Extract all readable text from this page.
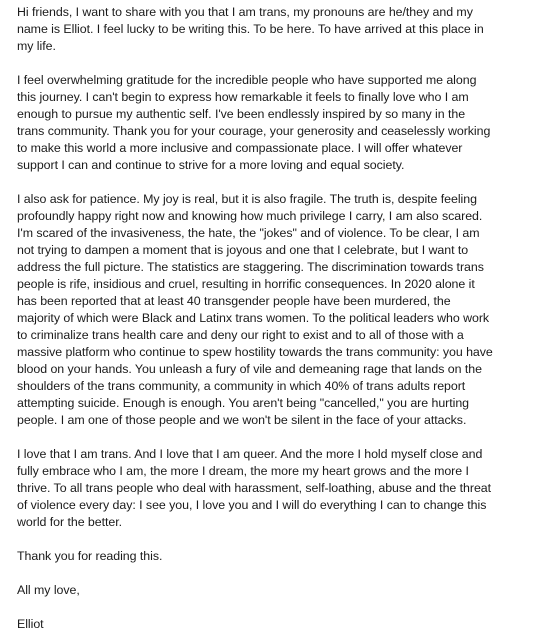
Hi friends, I want to share with you that I am trans, my pronouns are he/they and my
name is Elliot. I feel lucky to be writing this. To be here. To have arrived at this place in
my life.

I feel overwhelming gratitude for the incredible people who have supported me along
this journey. I can't begin to express how remarkable it feels to finally love who I am
enough to pursue my authentic self. I've been endlessly inspired by so many in the
trans community. Thank you for your courage, your generosity and ceaselessly working
to make this world a more inclusive and compassionate place. I will offer whatever
support I can and continue to strive for a more loving and equal society.

I also ask for patience. My joy is real, but it is also fragile. The truth is, despite feeling
profoundly happy right now and knowing how much privilege I carry, I am also scared.
I'm scared of the invasiveness, the hate, the "jokes" and of violence. To be clear, I am
not trying to dampen a moment that is joyous and one that I celebrate, but I want to
address the full picture. The statistics are staggering. The discrimination towards trans
people is rife, insidious and cruel, resulting in horrific consequences. In 2020 alone it
has been reported that at least 40 transgender people have been murdered, the
majority of which were Black and Latinx trans women. To the political leaders who work
to criminalize trans health care and deny our right to exist and to all of those with a
massive platform who continue to spew hostility towards the trans community: you have
blood on your hands. You unleash a fury of vile and demeaning rage that lands on the
shoulders of the trans community, a community in which 40% of trans adults report
attempting suicide. Enough is enough. You aren't being "cancelled," you are hurting
people. I am one of those people and we won't be silent in the face of your attacks.

I love that I am trans. And I love that I am queer. And the more I hold myself close and
fully embrace who I am, the more I dream, the more my heart grows and the more I
thrive. To all trans people who deal with harassment, self-loathing, abuse and the threat
of violence every day: I see you, I love you and I will do everything I can to change this
world for the better.

Thank you for reading this.

All my love,

Elliot
